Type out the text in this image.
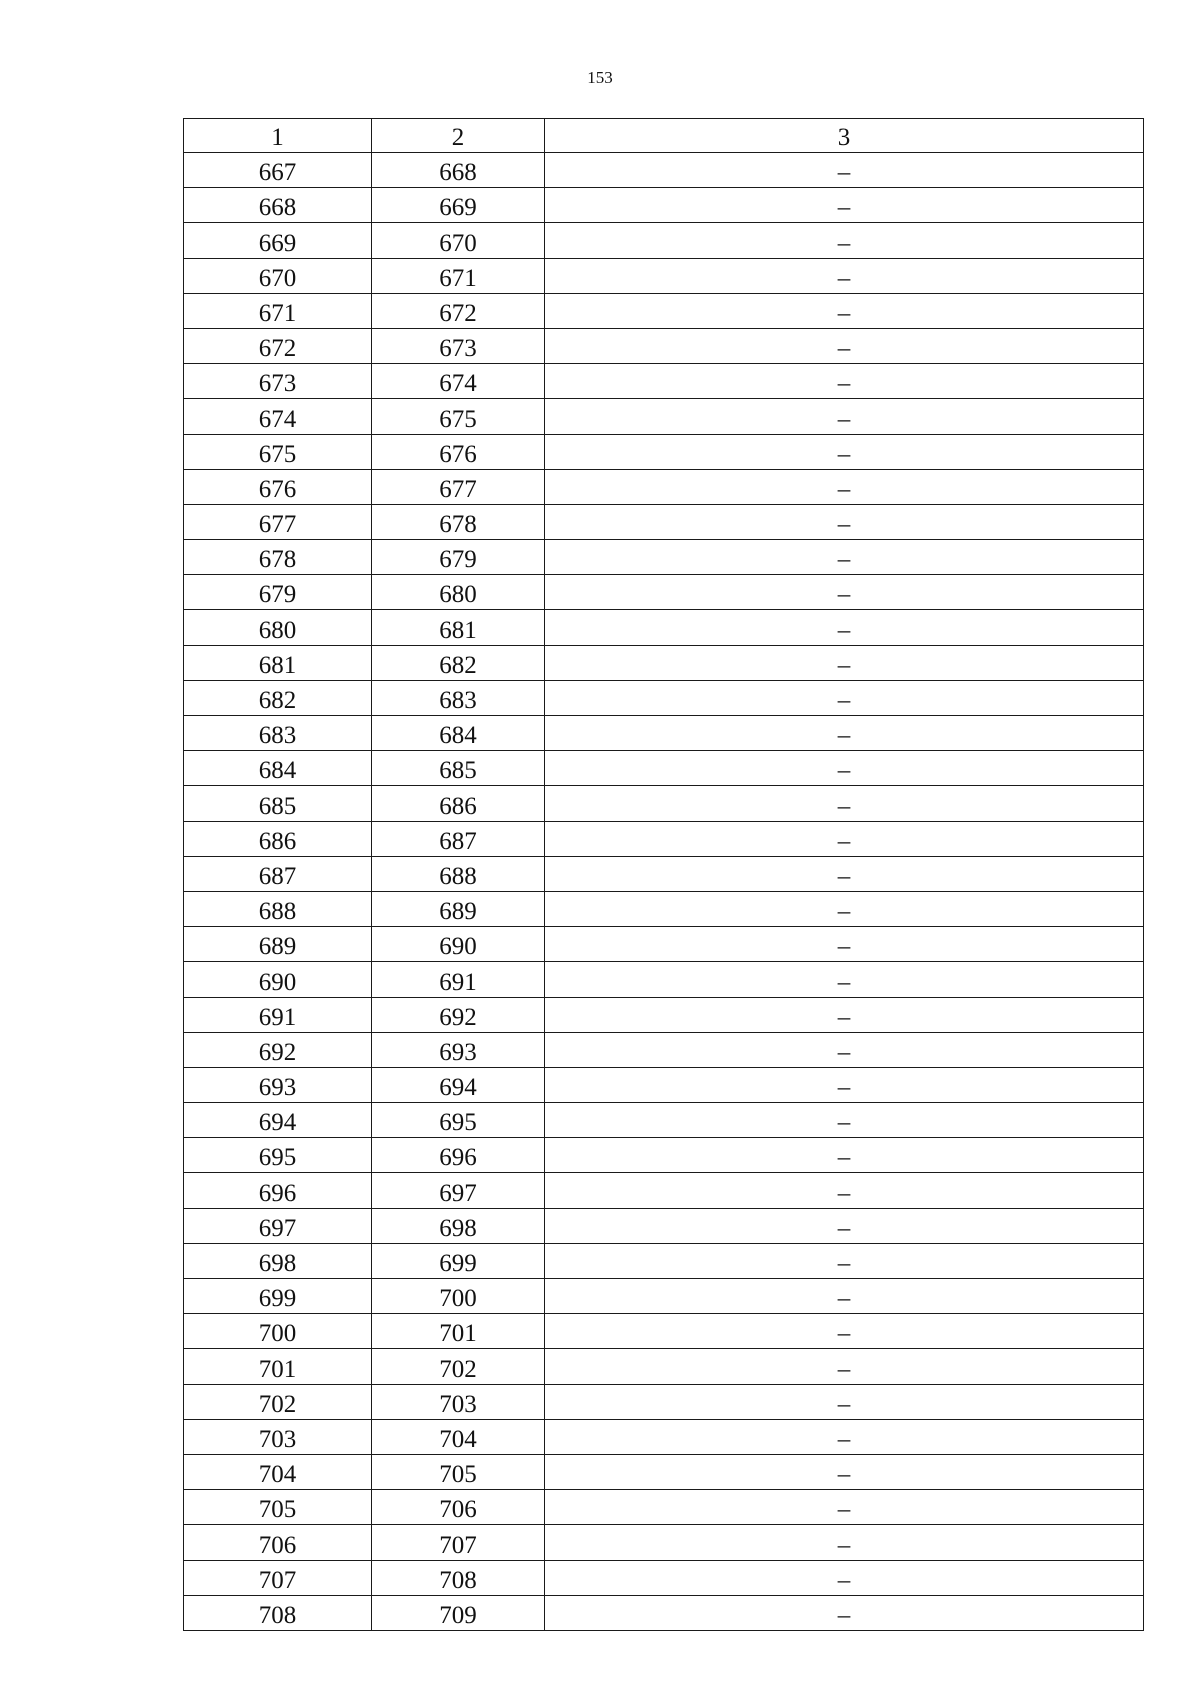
153
1	2	3
667	668	–
668	669	–
669	670	–
670	671	–
671	672	–
672	673	–
673	674	–
674	675	–
675	676	–
676	677	–
677	678	–
678	679	–
679	680	–
680	681	–
681	682	–
682	683	–
683	684	–
684	685	–
685	686	–
686	687	–
687	688	–
688	689	–
689	690	–
690	691	–
691	692	–
692	693	–
693	694	–
694	695	–
695	696	–
696	697	–
697	698	–
698	699	–
699	700	–
700	701	–
701	702	–
702	703	–
703	704	–
704	705	–
705	706	–
706	707	–
707	708	–
708	709	–
